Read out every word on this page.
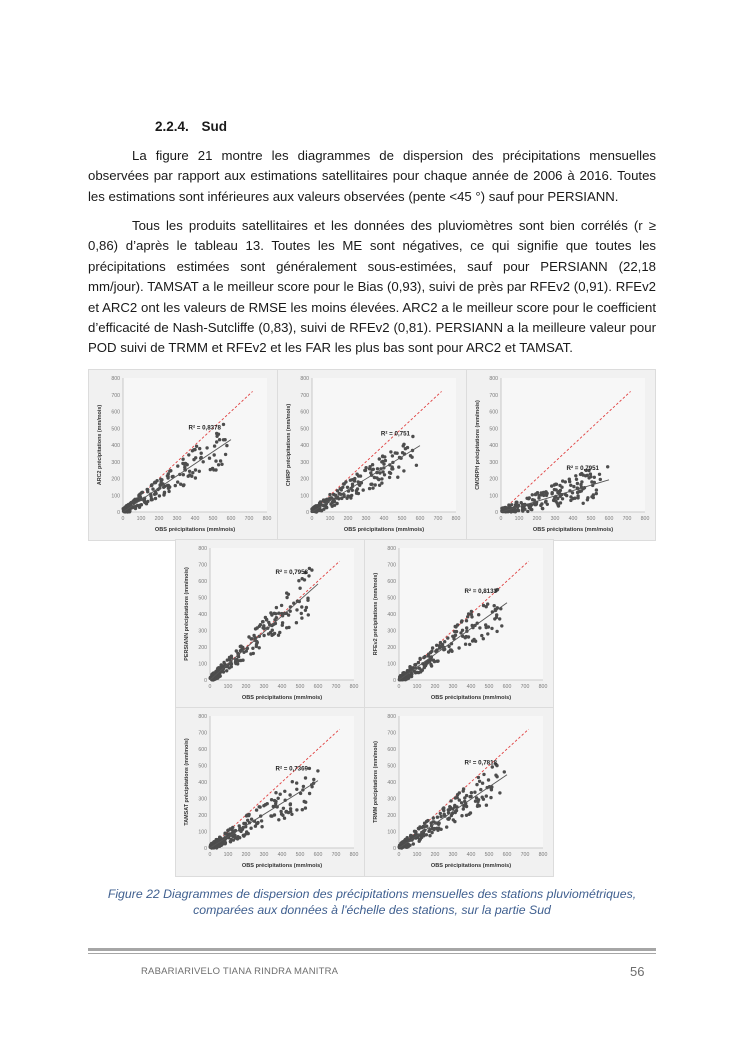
2.2.4. Sud

La figure 21 montre les diagrammes de dispersion des précipitations mensuelles observées par rapport aux estimations satellitaires pour chaque année de 2006 à 2016. Toutes les estimations sont inférieures aux valeurs observées (pente <45 °) sauf pour PERSIANN.

Tous les produits satellitaires et les données des pluviomètres sont bien corrélés (r ≥ 0,86) d’après le tableau 13. Toutes les ME sont négatives, ce qui signifie que toutes les précipitations estimées sont généralement sous-estimées, sauf pour PERSIANN (22,18 mm/jour). TAMSAT a le meilleur score pour le Bias (0,93), suivi de près par RFEv2 (0,91). RFEv2 et ARC2 ont les valeurs de RMSE les moins élevées. ARC2 a le meilleur score pour le coefficient d’efficacité de Nash-Sutcliffe (0,83), suivi de RFEv2 (0,81). PERSIANN a la meilleure valeur pour POD suivi de TRMM et RFEv2 et les FAR les plus bas sont pour ARC2 et TAMSAT.

0
100
200
300
400
500
600
700
800
0 100 200 300 400 500 600 700 800
OBS précipitations (mm/mois)
ARC2 précipitations (mm/mois)	R² = 0,8378
0
100
200
300
400
500
600
700
800
0 100 200 300 400 500 600 700 800
OBS précipitations (mm/mois)
CHIRP précipitations (mm/mois)	R² = 0,751
0
100
200
300
400
500
600
700
800
0 100 200 300 400 500 600 700 800
OBS précipitations (mm/mois)
CMORPH précipitations (mm/mois)	R² = 0,7951
0
100
200
300
400
500
600
700
800
0 100 200 300 400 500 600 700 800
OBS précipitations (mm/mois)
PERSIANN précipitations (mm/mois)	R² = 0,7958
0
100
200
300
400
500
600
700
800
0 100 200 300 400 500 600 700 800
OBS précipitations (mm/mois)
RFEv2 précipitations (mm/mois)	R² = 0,8133
0
100
200
300
400
500
600
700
800
0 100 200 300 400 500 600 700 800
OBS précipitations (mm/mois)
TAMSAT précipitations (mm/mois)	R² = 0,7369
0
100
200
300
400
500
600
700
800
0 100 200 300 400 500 600 700 800
OBS précipitations (mm/mois)
TRMM précipitations (mm/mois)	R² = 0,7818
Figure 22 Diagrammes de dispersion des précipitations mensuelles des stations pluviométriques,
comparées aux données à l'échelle des stations, sur la partie Sud
RABARIARIVELO TIANA RINDRA MANITRA	56
